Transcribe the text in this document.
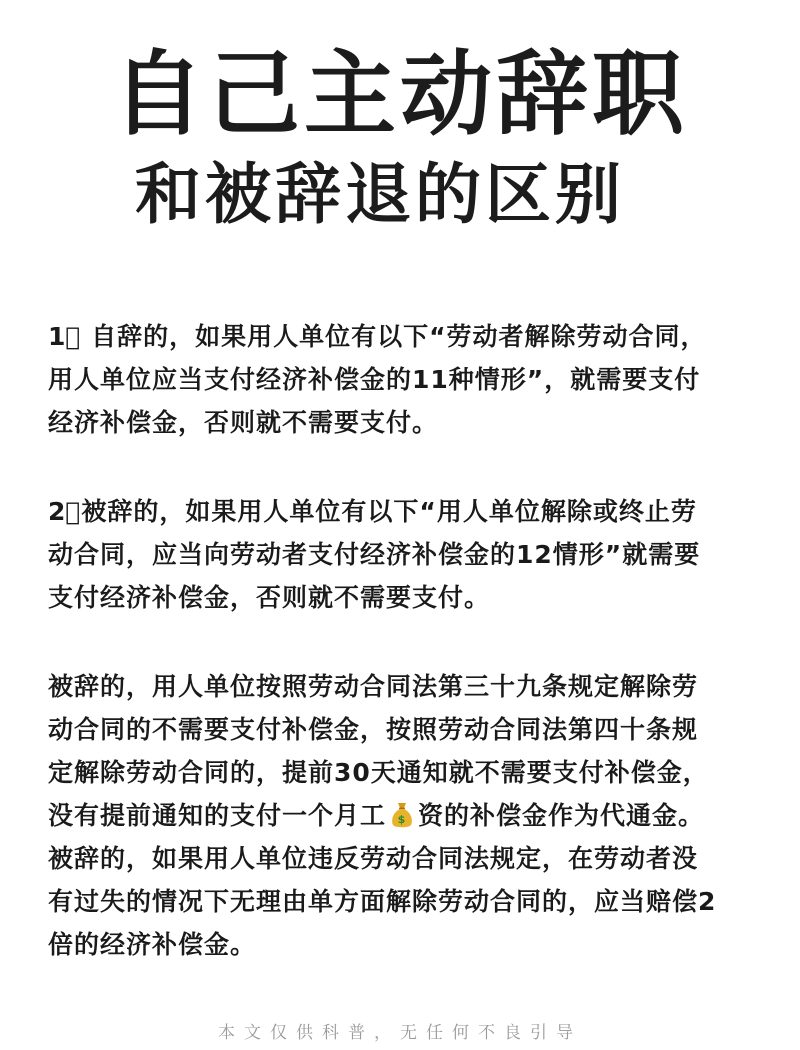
自己主动辞职
和被辞退的区别
1⃣ 自辞的，如果用人单位有以下“劳动者解除劳动合同，
用人单位应当支付经济补偿金的11种情形”，就需要支付
经济补偿金，否则就不需要支付。
2⃣被辞的，如果用人单位有以下“用人单位解除或终止劳
动合同，应当向劳动者支付经济补偿金的12情形”就需要
支付经济补偿金，否则就不需要支付。
被辞的，用人单位按照劳动合同法第三十九条规定解除劳
动合同的不需要支付补偿金，按照劳动合同法第四十条规
定解除劳动合同的，提前30天通知就不需要支付补偿金，
没有提前通知的支付一个月工 $ 资的补偿金作为代通金。
被辞的，如果用人单位违反劳动合同法规定，在劳动者没
有过失的情况下无理由单方面解除劳动合同的，应当赔偿2
倍的经济补偿金。
本文仅供科普，无任何不良引导
